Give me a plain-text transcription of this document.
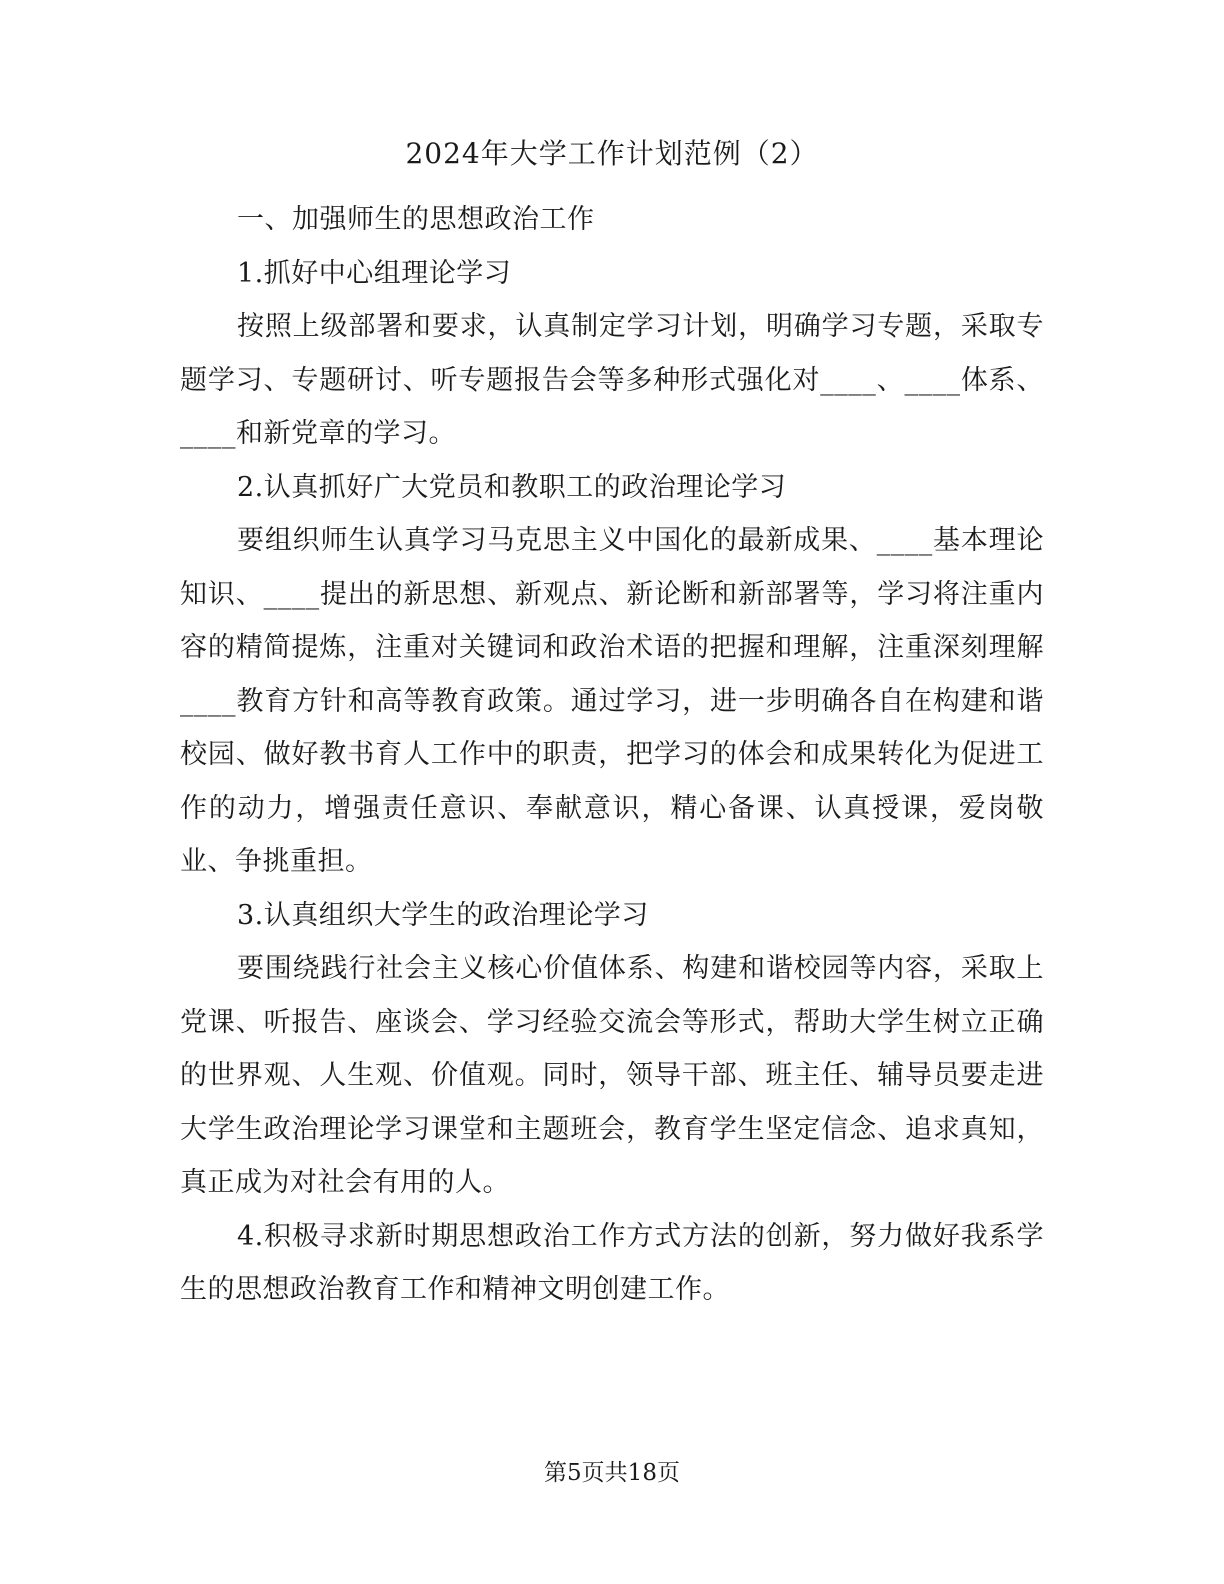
2024年大学工作计划范例（2）

一、加强师生的思想政治工作

1.抓好中心组理论学习

按照上级部署和要求，认真制定学习计划，明确学习专题，采取专题学习、专题研讨、听专题报告会等多种形式强化对____、____体系、____和新党章的学习。

2.认真抓好广大党员和教职工的政治理论学习

要组织师生认真学习马克思主义中国化的最新成果、____基本理论知识、____提出的新思想、新观点、新论断和新部署等，学习将注重内容的精简提炼，注重对关键词和政治术语的把握和理解，注重深刻理解____教育方针和高等教育政策。通过学习，进一步明确各自在构建和谐校园、做好教书育人工作中的职责，把学习的体会和成果转化为促进工作的动力，增强责任意识、奉献意识，精心备课、认真授课，爱岗敬业、争挑重担。

3.认真组织大学生的政治理论学习

要围绕践行社会主义核心价值体系、构建和谐校园等内容，采取上党课、听报告、座谈会、学习经验交流会等形式，帮助大学生树立正确的世界观、人生观、价值观。同时，领导干部、班主任、辅导员要走进大学生政治理论学习课堂和主题班会，教育学生坚定信念、追求真知，真正成为对社会有用的人。

4.积极寻求新时期思想政治工作方式方法的创新，努力做好我系学生的思想政治教育工作和精神文明创建工作。

第5页共18页
